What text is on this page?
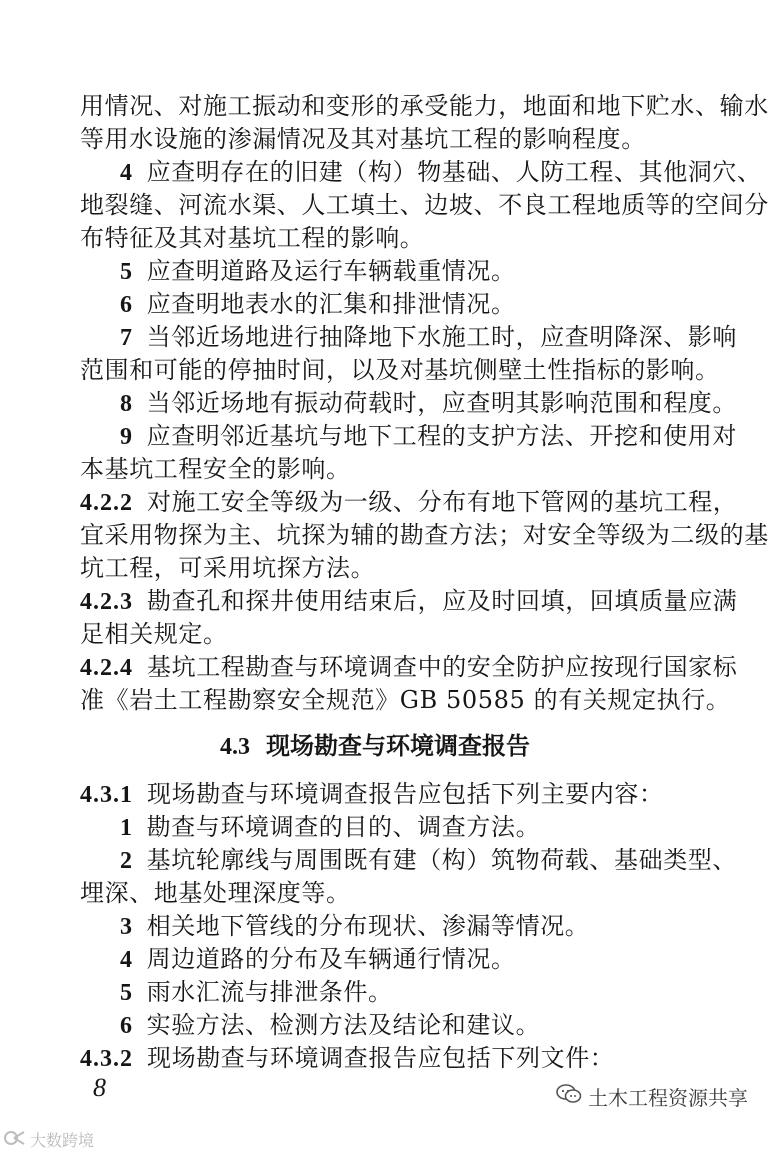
用情况、对施工振动和变形的承受能力，地面和地下贮水、输水
等用水设施的渗漏情况及其对基坑工程的影响程度。
4 应查明存在的旧建（构）物基础、人防工程、其他洞穴、
地裂缝、河流水渠、人工填土、边坡、不良工程地质等的空间分
布特征及其对基坑工程的影响。
5 应查明道路及运行车辆载重情况。
6 应查明地表水的汇集和排泄情况。
7 当邻近场地进行抽降地下水施工时，应查明降深、影响
范围和可能的停抽时间，以及对基坑侧壁土性指标的影响。
8 当邻近场地有振动荷载时，应查明其影响范围和程度。
9 应查明邻近基坑与地下工程的支护方法、开挖和使用对
本基坑工程安全的影响。
4.2.2 对施工安全等级为一级、分布有地下管网的基坑工程，
宜采用物探为主、坑探为辅的勘查方法；对安全等级为二级的基
坑工程，可采用坑探方法。
4.2.3 勘查孔和探井使用结束后，应及时回填，回填质量应满
足相关规定。
4.2.4 基坑工程勘查与环境调查中的安全防护应按现行国家标
准《岩土工程勘察安全规范》GB 50585 的有关规定执行。
4.3 现场勘查与环境调查报告
4.3.1 现场勘查与环境调查报告应包括下列主要内容：
1 勘查与环境调查的目的、调查方法。
2 基坑轮廓线与周围既有建（构）筑物荷载、基础类型、
埋深、地基处理深度等。
3 相关地下管线的分布现状、渗漏等情况。
4 周边道路的分布及车辆通行情况。
5 雨水汇流与排泄条件。
6 实验方法、检测方法及结论和建议。
4.3.2 现场勘查与环境调查报告应包括下列文件：
8
大数跨境
土木工程资源共享
